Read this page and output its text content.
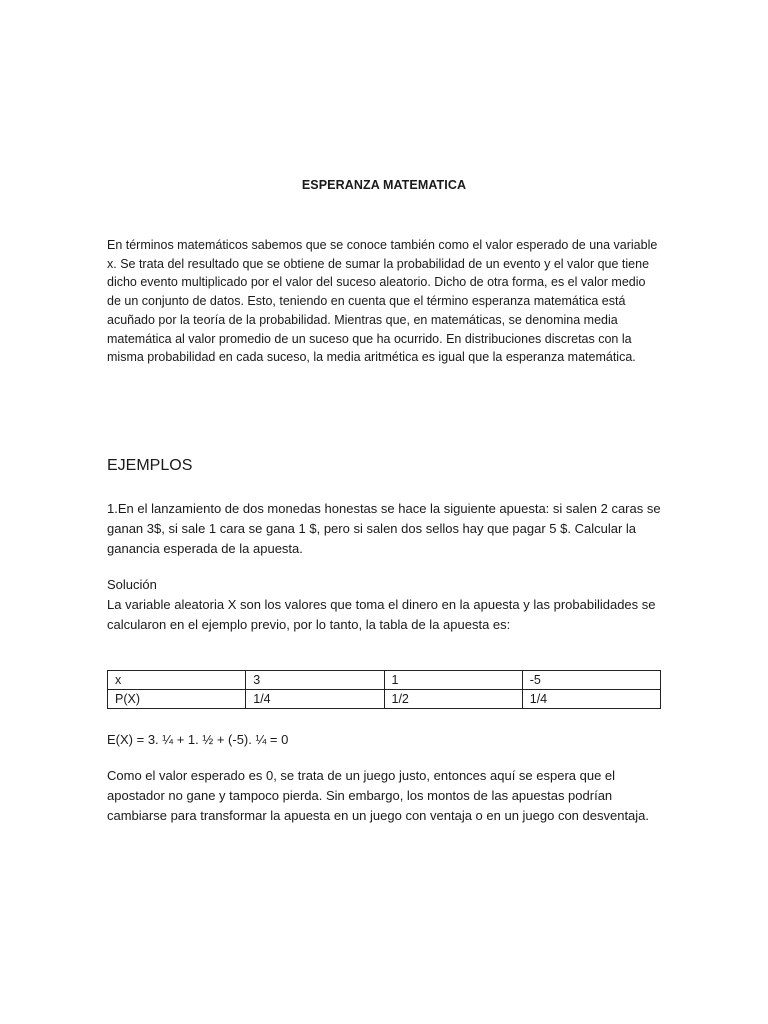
ESPERANZA MATEMATICA

En términos matemáticos sabemos que se conoce también como el valor esperado de una variable x. Se trata del resultado que se obtiene de sumar la probabilidad de un evento y el valor que tiene dicho evento multiplicado por el valor del suceso aleatorio. Dicho de otra forma, es el valor medio de un conjunto de datos. Esto, teniendo en cuenta que el término esperanza matemática está acuñado por la teoría de la probabilidad. Mientras que, en matemáticas, se denomina media matemática al valor promedio de un suceso que ha ocurrido. En distribuciones discretas con la misma probabilidad en cada suceso, la media aritmética es igual que la esperanza matemática.

EJEMPLOS

1.En el lanzamiento de dos monedas honestas se hace la siguiente apuesta: si salen 2 caras se ganan 3$, si sale 1 cara se gana 1 $, pero si salen dos sellos hay que pagar 5 $. Calcular la ganancia esperada de la apuesta.

Solución

La variable aleatoria X son los valores que toma el dinero en la apuesta y las probabilidades se calcularon en el ejemplo previo, por lo tanto, la tabla de la apuesta es:

x	3	1	-5
P(X)	1/4	1/2	1/4

E(X) = 3. ¼ + 1. ½ + (-5). ¼ = 0

Como el valor esperado es 0, se trata de un juego justo, entonces aquí se espera que el apostador no gane y tampoco pierda. Sin embargo, los montos de las apuestas podrían cambiarse para transformar la apuesta en un juego con ventaja o en un juego con desventaja.
